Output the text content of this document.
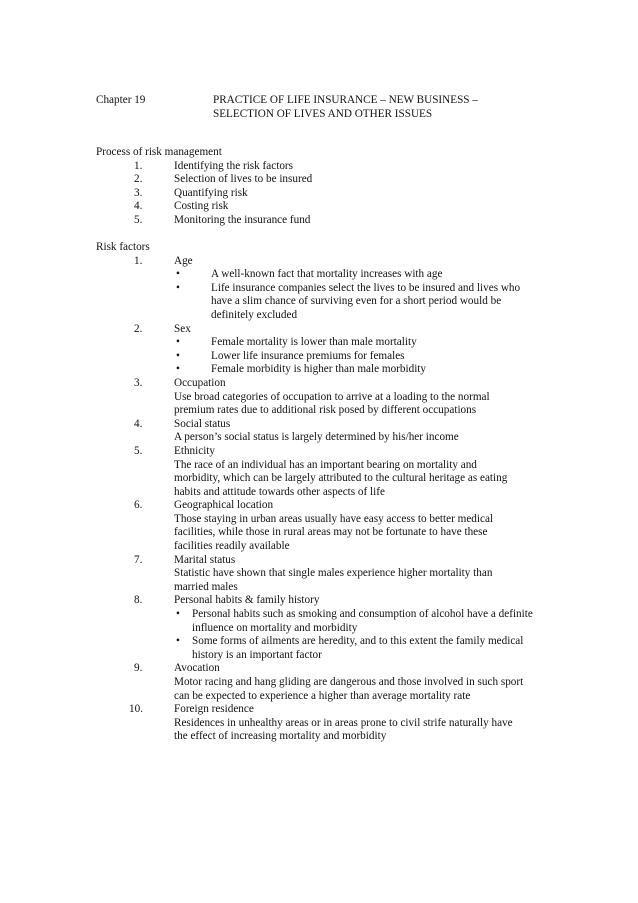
Chapter 19	PRACTICE OF LIFE INSURANCE – NEW BUSINESS –
SELECTION OF LIVES AND OTHER ISSUES
Process of risk management
1.	Identifying the risk factors
2.	Selection of lives to be insured
3.	Quantifying risk
4.	Costing risk
5.	Monitoring the insurance fund
Risk factors
1.	Age
•	A well-known fact that mortality increases with age
•	Life insurance companies select the lives to be insured and lives who have a slim chance of surviving even for a short period would be definitely excluded
2.	Sex
•	Female mortality is lower than male mortality
•	Lower life insurance premiums for females
•	Female morbidity is higher than male morbidity
3.	Occupation
Use broad categories of occupation to arrive at a loading to the normal premium rates due to additional risk posed by different occupations
4.	Social status
A person’s social status is largely determined by his/her income
5.	Ethnicity
The race of an individual has an important bearing on mortality and morbidity, which can be largely attributed to the cultural heritage as eating habits and attitude towards other aspects of life
6.	Geographical location
Those staying in urban areas usually have easy access to better medical facilities, while those in rural areas may not be fortunate to have these facilities readily available
7.	Marital status
Statistic have shown that single males experience higher mortality than married males
8.	Personal habits & family history
• Personal habits such as smoking and consumption of alcohol have a definite influence on mortality and morbidity
• Some forms of ailments are heredity, and to this extent the family medical history is an important factor
9.	Avocation
Motor racing and hang gliding are dangerous and those involved in such sport can be expected to experience a higher than average mortality rate
10.	Foreign residence
Residences in unhealthy areas or in areas prone to civil strife naturally have the effect of increasing mortality and morbidity
